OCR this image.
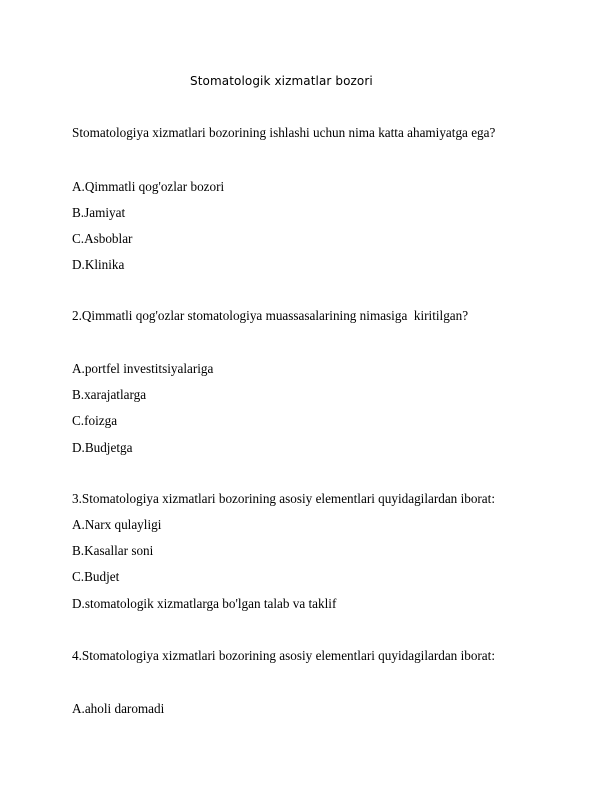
Stomatologik xizmatlar bozori
Stomatologiya xizmatlari bozorining ishlashi uchun nima katta ahamiyatga ega?
A.Qimmatli qog'ozlar bozori
B.Jamiyat
C.Asboblar
D.Klinika
2.Qimmatli qog'ozlar stomatologiya muassasalarining nimasiga  kiritilgan?
A.portfel investitsiyalariga
B.xarajatlarga
C.foizga
D.Budjetga
3.Stomatologiya xizmatlari bozorining asosiy elementlari quyidagilardan iborat:
A.Narx qulayligi
B.Kasallar soni
C.Budjet
D.stomatologik xizmatlarga bo'lgan talab va taklif
4.Stomatologiya xizmatlari bozorining asosiy elementlari quyidagilardan iborat:
A.aholi daromadi
